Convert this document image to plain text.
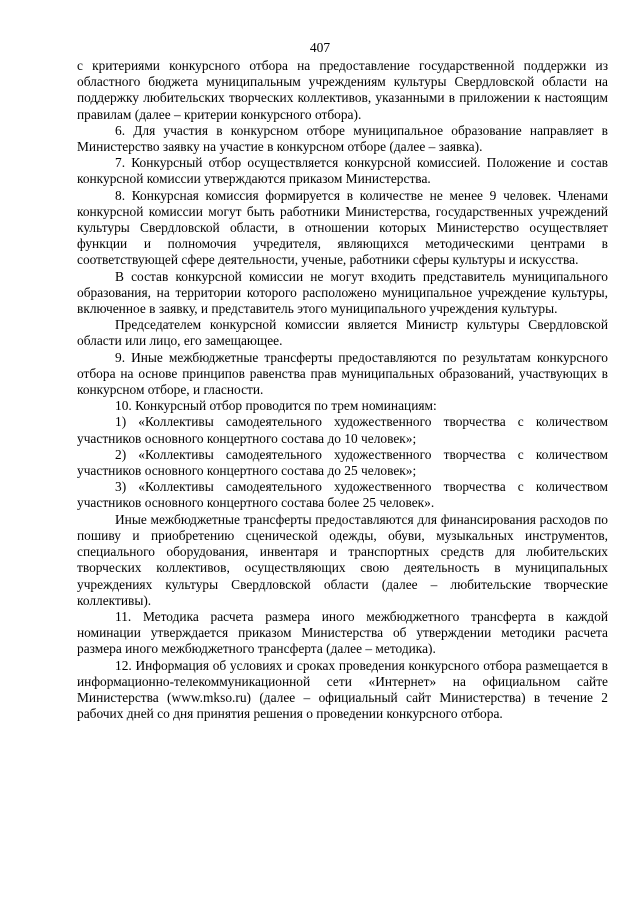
407

с критериями конкурсного отбора на предоставление государственной поддержки из областного бюджета муниципальным учреждениям культуры Свердловской области на поддержку любительских творческих коллективов, указанными в приложении к настоящим правилам (далее – критерии конкурсного отбора).

6. Для участия в конкурсном отборе муниципальное образование направляет в Министерство заявку на участие в конкурсном отборе (далее – заявка).

7. Конкурсный отбор осуществляется конкурсной комиссией. Положение и состав конкурсной комиссии утверждаются приказом Министерства.

8. Конкурсная комиссия формируется в количестве не менее 9 человек. Членами конкурсной комиссии могут быть работники Министерства, государственных учреждений культуры Свердловской области, в отношении которых Министерство осуществляет функции и полномочия учредителя, являющихся методическими центрами в соответствующей сфере деятельности, ученые, работники сферы культуры и искусства.

В состав конкурсной комиссии не могут входить представитель муниципального образования, на территории которого расположено муниципальное учреждение культуры, включенное в заявку, и представитель этого муниципального учреждения культуры.

Председателем конкурсной комиссии является Министр культуры Свердловской области или лицо, его замещающее.

9. Иные межбюджетные трансферты предоставляются по результатам конкурсного отбора на основе принципов равенства прав муниципальных образований, участвующих в конкурсном отборе, и гласности.

10. Конкурсный отбор проводится по трем номинациям:

1) «Коллективы самодеятельного художественного творчества с количеством участников основного концертного состава до 10 человек»;

2) «Коллективы самодеятельного художественного творчества с количеством участников основного концертного состава до 25 человек»;

3) «Коллективы самодеятельного художественного творчества с количеством участников основного концертного состава более 25 человек».

Иные межбюджетные трансферты предоставляются для финансирования расходов по пошиву и приобретению сценической одежды, обуви, музыкальных инструментов, специального оборудования, инвентаря и транспортных средств для любительских творческих коллективов, осуществляющих свою деятельность в муниципальных учреждениях культуры Свердловской области (далее – любительские творческие коллективы).

11. Методика расчета размера иного межбюджетного трансферта в каждой номинации утверждается приказом Министерства об утверждении методики расчета размера иного межбюджетного трансферта (далее – методика).

12. Информация об условиях и сроках проведения конкурсного отбора размещается в информационно-телекоммуникационной сети «Интернет» на официальном сайте Министерства (www.mkso.ru) (далее – официальный сайт Министерства) в течение 2 рабочих дней со дня принятия решения о проведении конкурсного отбора.
